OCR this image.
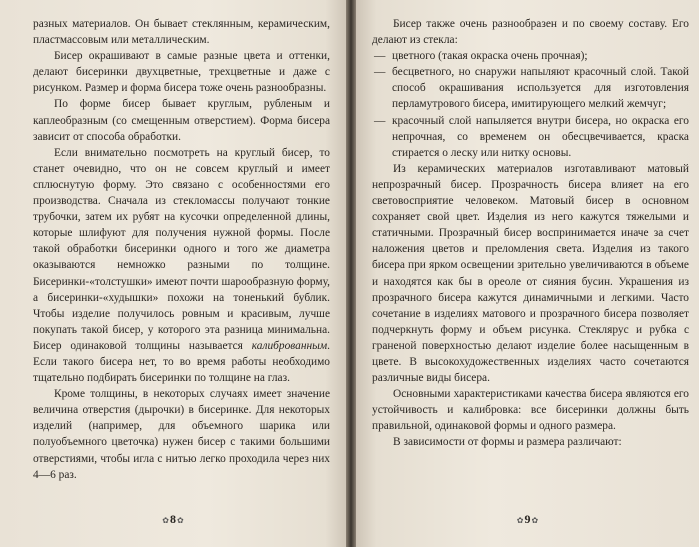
разных материалов. Он бывает стеклянным, керамическим, пластмассовым или металлическим.

Бисер окрашивают в самые разные цвета и оттенки, делают бисеринки двухцветные, трехцветные и даже с рисунком. Размер и форма бисера тоже очень разнообразны.

По форме бисер бывает круглым, рубленым и каплеобразным (со смещенным отверстием). Форма бисера зависит от способа обработки.

Если внимательно посмотреть на круглый бисер, то станет очевидно, что он не совсем круглый и имеет сплюснутую форму. Это связано с особенностями его производства. Сначала из стекломассы получают тонкие трубочки, затем их рубят на кусочки определенной длины, которые шлифуют для получения нужной формы. После такой обработки бисеринки одного и того же диаметра оказываются немножко разными по толщине. Бисеринки-«толстушки» имеют почти шарообразную форму, а бисеринки-«худышки» похожи на тоненький бублик. Чтобы изделие получилось ровным и красивым, лучше покупать такой бисер, у которого эта разница минимальна. Бисер одинаковой толщины называется калиброванным. Если такого бисера нет, то во время работы необходимо тщательно подбирать бисеринки по толщине на глаз.

Кроме толщины, в некоторых случаях имеет значение величина отверстия (дырочки) в бисеринке. Для некоторых изделий (например, для объемного шарика или полуобъемного цветочка) нужен бисер с такими большими отверстиями, чтобы игла с нитью легко проходила через них 4—6 раз.

✿8✿

Бисер также очень разнообразен и по своему составу. Его делают из стекла:

— цветного (такая окраска очень прочная);

— бесцветного, но снаружи напыляют красочный слой. Такой способ окрашивания используется для изготовления перламутрового бисера, имитирующего мелкий жемчуг;

— красочный слой напыляется внутри бисера, но окраска его непрочная, со временем он обесцвечивается, краска стирается о леску или нитку основы.

Из керамических материалов изготавливают матовый непрозрачный бисер. Прозрачность бисера влияет на его световосприятие человеком. Матовый бисер в основном сохраняет свой цвет. Изделия из него кажутся тяжелыми и статичными. Прозрачный бисер воспринимается иначе за счет наложения цветов и преломления света. Изделия из такого бисера при ярком освещении зрительно увеличиваются в объеме и находятся как бы в ореоле от сияния бусин. Украшения из прозрачного бисера кажутся динамичными и легкими. Часто сочетание в изделиях матового и прозрачного бисера позволяет подчеркнуть форму и объем рисунка. Стеклярус и рубка с граненой поверхностью делают изделие более насыщенным в цвете. В высокохудожественных изделиях часто сочетаются различные виды бисера.

Основными характеристиками качества бисера являются его устойчивость и калибровка: все бисеринки должны быть правильной, одинаковой формы и одного размера.

В зависимости от формы и размера различают:

✿9✿
